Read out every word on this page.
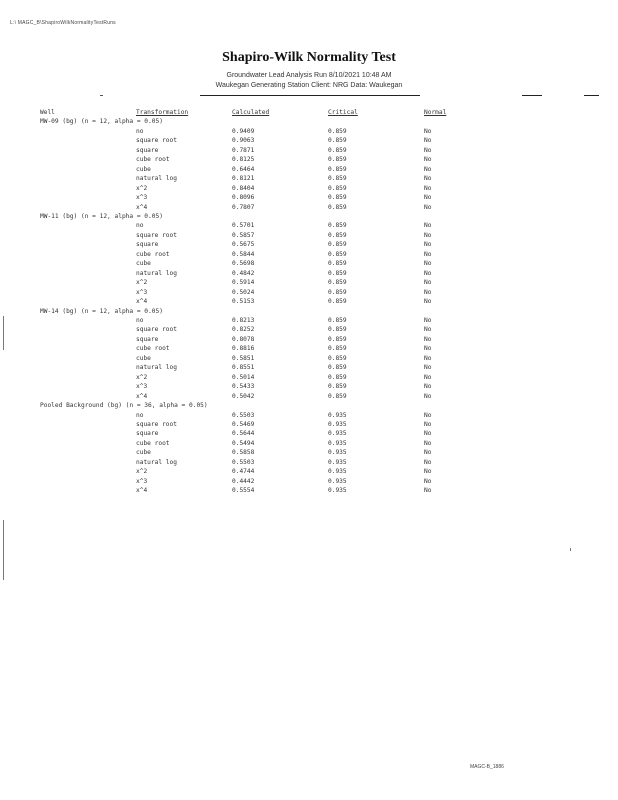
L:\ MAGC_B\ShapiroWilkNormalityTestRuns
Shapiro-Wilk Normality Test
Groundwater Lead Analysis Run 8/10/2021 10:48 AM
Waukegan Generating Station Client: NRG Data: Waukegan
Well	Transformation	Calculated	Critical	Normal
MW-09 (bg) (n = 12, alpha = 0.05)				
	no	0.9409	0.859	No
	square root	0.9063	0.859	No
	square	0.7871	0.859	No
	cube root	0.8125	0.859	No
	cube	0.6464	0.859	No
	natural log	0.8121	0.859	No
	x^2	0.8404	0.859	No
	x^3	0.8096	0.859	No
	x^4	0.7807	0.859	No
MW-11 (bg) (n = 12, alpha = 0.05)				
	no	0.5701	0.859	No
	square root	0.5857	0.859	No
	square	0.5675	0.859	No
	cube root	0.5844	0.859	No
	cube	0.5698	0.859	No
	natural log	0.4842	0.859	No
	x^2	0.5914	0.859	No
	x^3	0.5024	0.859	No
	x^4	0.5153	0.859	No
MW-14 (bg) (n = 12, alpha = 0.05)				
	no	0.8213	0.859	No
	square root	0.8252	0.859	No
	square	0.8078	0.859	No
	cube root	0.8816	0.859	No
	cube	0.5851	0.859	No
	natural log	0.8551	0.859	No
	x^2	0.5014	0.859	No
	x^3	0.5433	0.859	No
	x^4	0.5042	0.859	No
Pooled Background (bg) (n = 36, alpha = 0.05)				
	no	0.5503	0.935	No
	square root	0.5469	0.935	No
	square	0.5644	0.935	No
	cube root	0.5494	0.935	No
	cube	0.5858	0.935	No
	natural log	0.5503	0.935	No
	x^2	0.4744	0.935	No
	x^3	0.4442	0.935	No
	x^4	0.5554	0.935	No
MAGC-B_1886
